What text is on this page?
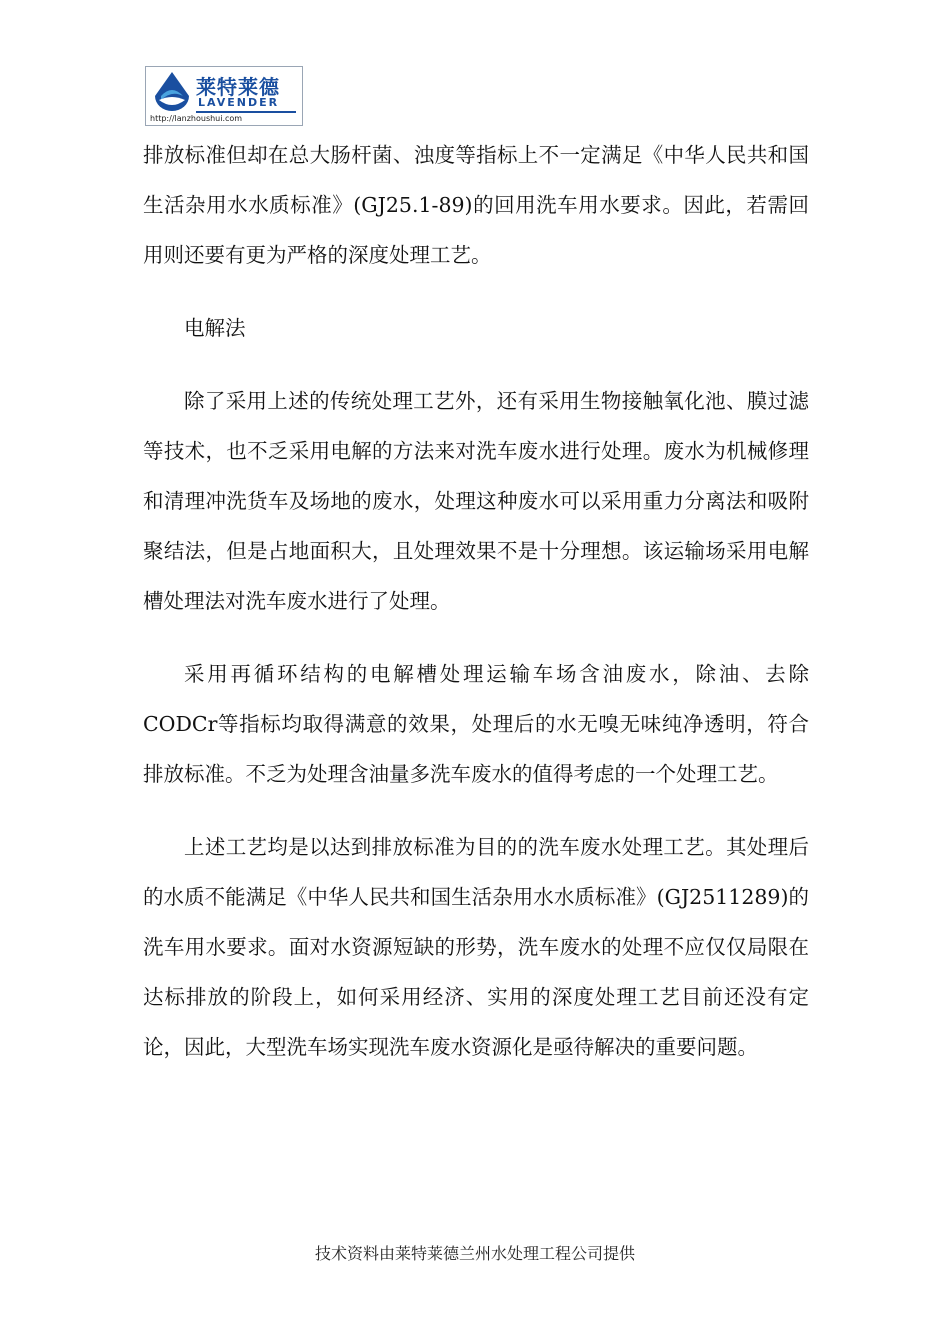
莱特莱德
LAVENDER
http://lanzhoushui.com

排放标准但却在总大肠杆菌、浊度等指标上不一定满足《中华人民共和国生活杂用水水质标准》(GJ25.1-89)的回用洗车用水要求。因此，若需回用则还要有更为严格的深度处理工艺。

电解法

除了采用上述的传统处理工艺外，还有采用生物接触氧化池、膜过滤等技术，也不乏采用电解的方法来对洗车废水进行处理。废水为机械修理和清理冲洗货车及场地的废水，处理这种废水可以采用重力分离法和吸附聚结法，但是占地面积大，且处理效果不是十分理想。该运输场采用电解槽处理法对洗车废水进行了处理。

采用再循环结构的电解槽处理运输车场含油废水，除油、去除CODCr等指标均取得满意的效果，处理后的水无嗅无味纯净透明，符合排放标准。不乏为处理含油量多洗车废水的值得考虑的一个处理工艺。

上述工艺均是以达到排放标准为目的的洗车废水处理工艺。其处理后的水质不能满足《中华人民共和国生活杂用水水质标准》(GJ2511289)的洗车用水要求。面对水资源短缺的形势，洗车废水的处理不应仅仅局限在达标排放的阶段上，如何采用经济、实用的深度处理工艺目前还没有定论，因此，大型洗车场实现洗车废水资源化是亟待解决的重要问题。

技术资料由莱特莱德兰州水处理工程公司提供
